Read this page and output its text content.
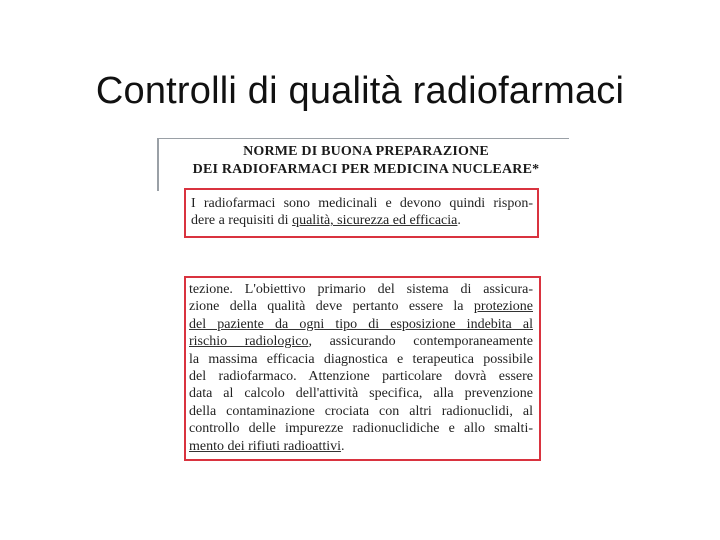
Controlli di qualità radiofarmaci
NORME DI BUONA PREPARAZIONE
DEI RADIOFARMACI PER MEDICINA NUCLEARE*
I radiofarmaci sono medicinali e devono quindi rispon-
dere a requisiti di qualità, sicurezza ed efficacia.
tezione. L'obiettivo primario del sistema di assicura-
zione della qualità deve pertanto essere la protezione
del paziente da ogni tipo di esposizione indebita al
rischio radiologico, assicurando contemporaneamente
la massima efficacia diagnostica e terapeutica possibile
del radiofarmaco. Attenzione particolare dovrà essere
data al calcolo dell'attività specifica, alla prevenzione
della contaminazione crociata con altri radionuclidi, al
controllo delle impurezze radionuclidiche e allo smalti-
mento dei rifiuti radioattivi.
